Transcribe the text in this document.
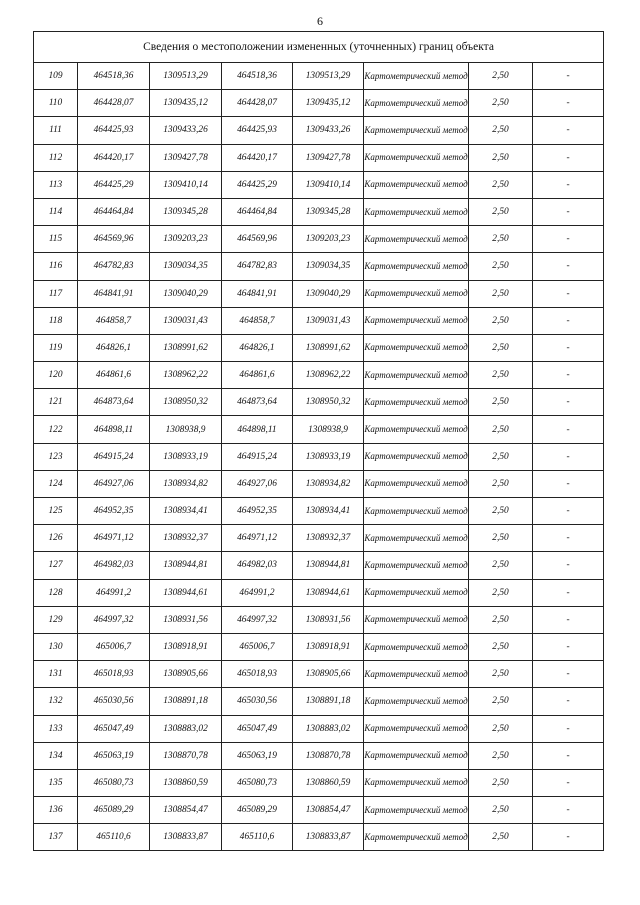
6
Сведения о местоположении измененных (уточненных) границ объекта							
109	464518,36	1309513,29	464518,36	1309513,29	Картометрический метод	2,50	-
110	464428,07	1309435,12	464428,07	1309435,12	Картометрический метод	2,50	-
111	464425,93	1309433,26	464425,93	1309433,26	Картометрический метод	2,50	-
112	464420,17	1309427,78	464420,17	1309427,78	Картометрический метод	2,50	-
113	464425,29	1309410,14	464425,29	1309410,14	Картометрический метод	2,50	-
114	464464,84	1309345,28	464464,84	1309345,28	Картометрический метод	2,50	-
115	464569,96	1309203,23	464569,96	1309203,23	Картометрический метод	2,50	-
116	464782,83	1309034,35	464782,83	1309034,35	Картометрический метод	2,50	-
117	464841,91	1309040,29	464841,91	1309040,29	Картометрический метод	2,50	-
118	464858,7	1309031,43	464858,7	1309031,43	Картометрический метод	2,50	-
119	464826,1	1308991,62	464826,1	1308991,62	Картометрический метод	2,50	-
120	464861,6	1308962,22	464861,6	1308962,22	Картометрический метод	2,50	-
121	464873,64	1308950,32	464873,64	1308950,32	Картометрический метод	2,50	-
122	464898,11	1308938,9	464898,11	1308938,9	Картометрический метод	2,50	-
123	464915,24	1308933,19	464915,24	1308933,19	Картометрический метод	2,50	-
124	464927,06	1308934,82	464927,06	1308934,82	Картометрический метод	2,50	-
125	464952,35	1308934,41	464952,35	1308934,41	Картометрический метод	2,50	-
126	464971,12	1308932,37	464971,12	1308932,37	Картометрический метод	2,50	-
127	464982,03	1308944,81	464982,03	1308944,81	Картометрический метод	2,50	-
128	464991,2	1308944,61	464991,2	1308944,61	Картометрический метод	2,50	-
129	464997,32	1308931,56	464997,32	1308931,56	Картометрический метод	2,50	-
130	465006,7	1308918,91	465006,7	1308918,91	Картометрический метод	2,50	-
131	465018,93	1308905,66	465018,93	1308905,66	Картометрический метод	2,50	-
132	465030,56	1308891,18	465030,56	1308891,18	Картометрический метод	2,50	-
133	465047,49	1308883,02	465047,49	1308883,02	Картометрический метод	2,50	-
134	465063,19	1308870,78	465063,19	1308870,78	Картометрический метод	2,50	-
135	465080,73	1308860,59	465080,73	1308860,59	Картометрический метод	2,50	-
136	465089,29	1308854,47	465089,29	1308854,47	Картометрический метод	2,50	-
137	465110,6	1308833,87	465110,6	1308833,87	Картометрический метод	2,50	-
